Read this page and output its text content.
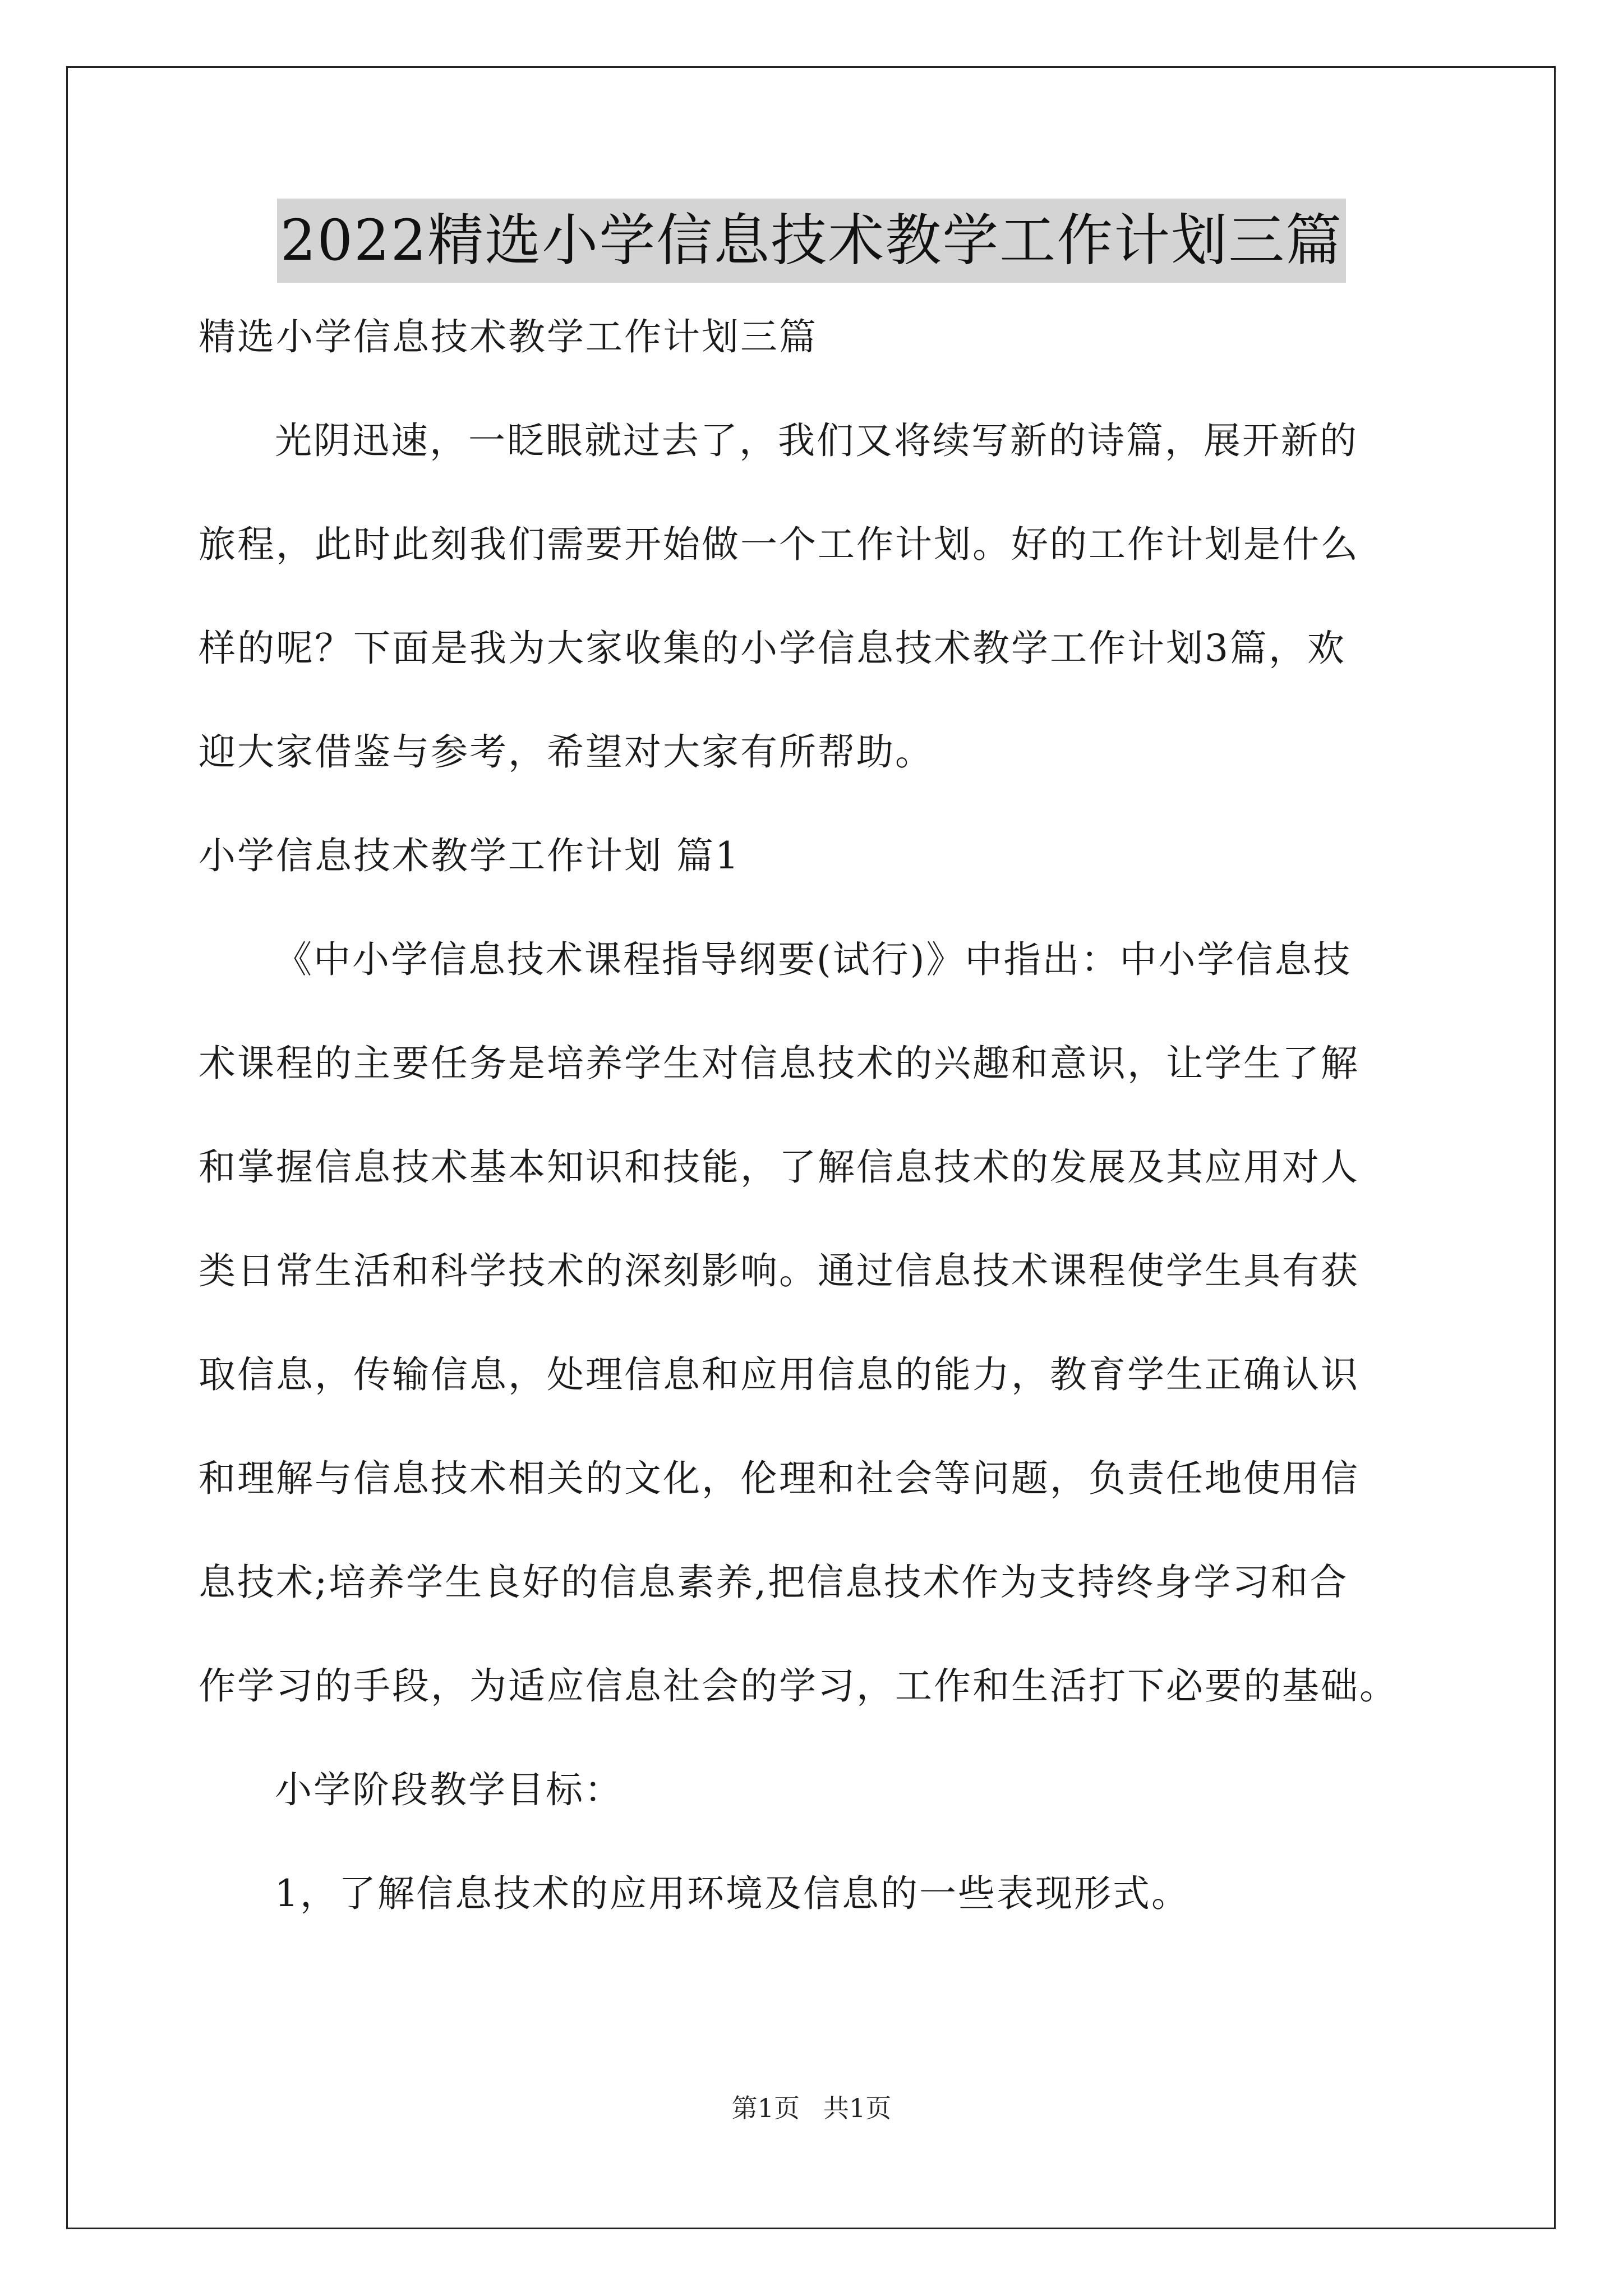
2022精选小学信息技术教学工作计划三篇
精选小学信息技术教学工作计划三篇
光阴迅速，一眨眼就过去了，我们又将续写新的诗篇，展开新的
旅程，此时此刻我们需要开始做一个工作计划。好的工作计划是什么
样的呢？下面是我为大家收集的小学信息技术教学工作计划3篇，欢
迎大家借鉴与参考，希望对大家有所帮助。
小学信息技术教学工作计划 篇1
《中小学信息技术课程指导纲要(试行)》中指出：中小学信息技
术课程的主要任务是培养学生对信息技术的兴趣和意识，让学生了解
和掌握信息技术基本知识和技能，了解信息技术的发展及其应用对人
类日常生活和科学技术的深刻影响。通过信息技术课程使学生具有获
取信息，传输信息，处理信息和应用信息的能力，教育学生正确认识
和理解与信息技术相关的文化，伦理和社会等问题，负责任地使用信
息技术;培养学生良好的信息素养,把信息技术作为支持终身学习和合
作学习的手段，为适应信息社会的学习，工作和生活打下必要的基础。
小学阶段教学目标：
1，了解信息技术的应用环境及信息的一些表现形式。
第1页 共1页
